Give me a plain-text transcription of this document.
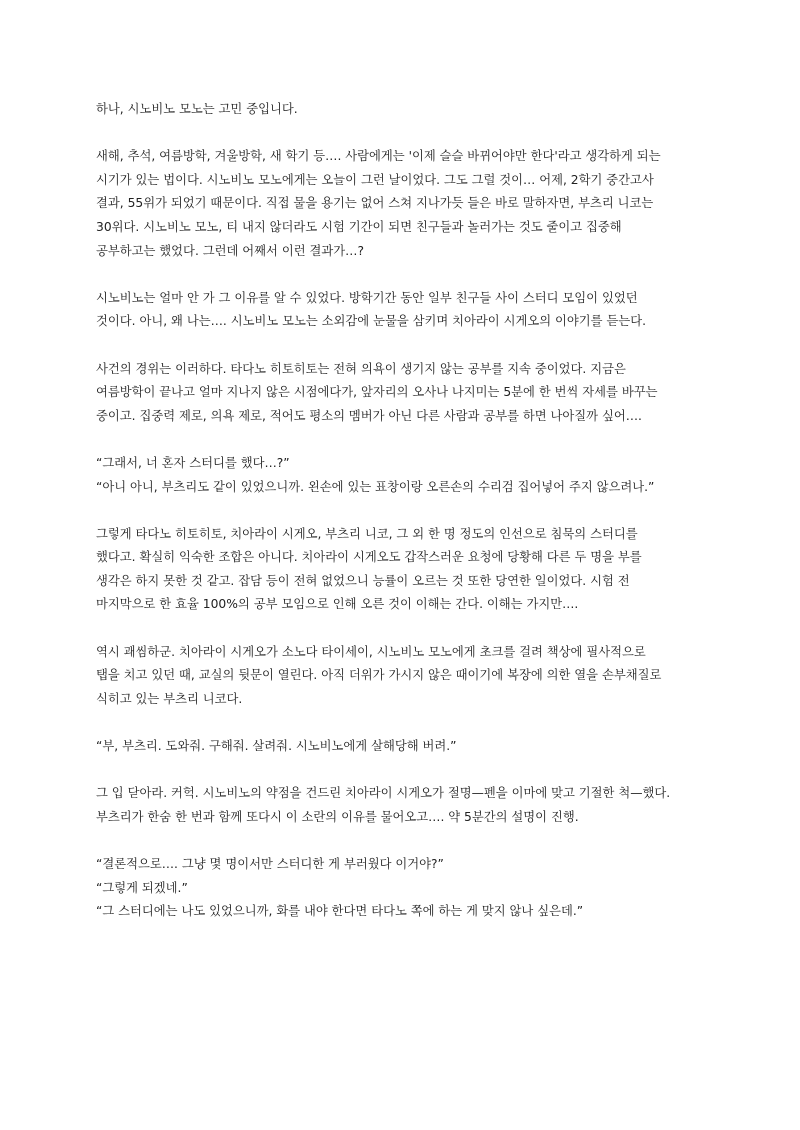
하나, 시노비노 모노는 고민 중입니다.
새해, 추석, 여름방학, 겨울방학, 새 학기 등…. 사람에게는 '이제 슬슬 바뀌어야만 한다'라고 생각하게 되는
시기가 있는 법이다. 시노비노 모노에게는 오늘이 그런 날이었다. 그도 그럴 것이… 어제, 2학기 중간고사
결과, 55위가 되었기 때문이다. 직접 물을 용기는 없어 스쳐 지나가듯 들은 바로 말하자면, 부츠리 니코는
30위다. 시노비노 모노, 티 내지 않더라도 시험 기간이 되면 친구들과 놀러가는 것도 줄이고 집중해
공부하고는 했었다. 그런데 어째서 이런 결과가…?
시노비노는 얼마 안 가 그 이유를 알 수 있었다. 방학기간 동안 일부 친구들 사이 스터디 모임이 있었던
것이다. 아니, 왜 나는…. 시노비노 모노는 소외감에 눈물을 삼키며 치아라이 시게오의 이야기를 듣는다.
사건의 경위는 이러하다. 타다노 히토히토는 전혀 의욕이 생기지 않는 공부를 지속 중이었다. 지금은
여름방학이 끝나고 얼마 지나지 않은 시점에다가, 앞자리의 오사나 나지미는 5분에 한 번씩 자세를 바꾸는
중이고. 집중력 제로, 의욕 제로, 적어도 평소의 멤버가 아닌 다른 사람과 공부를 하면 나아질까 싶어….
“그래서, 너 혼자 스터디를 했다…?”
“아니 아니, 부츠리도 같이 있었으니까. 왼손에 있는 표창이랑 오른손의 수리검 집어넣어 주지 않으려나.”
그렇게 타다노 히토히토, 치아라이 시게오, 부츠리 니코, 그 외 한 명 정도의 인선으로 침묵의 스터디를
했다고. 확실히 익숙한 조합은 아니다. 치아라이 시게오도 갑작스러운 요청에 당황해 다른 두 명을 부를
생각은 하지 못한 것 같고. 잡담 등이 전혀 없었으니 능률이 오르는 것 또한 당연한 일이었다. 시험 전
마지막으로 한 효율 100%의 공부 모임으로 인해 오른 것이 이해는 간다. 이해는 가지만….
역시 괘씸하군. 치아라이 시게오가 소노다 타이세이, 시노비노 모노에게 초크를 걸려 책상에 필사적으로
탭을 치고 있던 때, 교실의 뒷문이 열린다. 아직 더위가 가시지 않은 때이기에 복장에 의한 열을 손부채질로
식히고 있는 부츠리 니코다.
“부, 부츠리. 도와줘. 구해줘. 살려줘. 시노비노에게 살해당해 버려.”
그 입 닫아라. 커헉. 시노비노의 약점을 건드린 치아라이 시게오가 절명—펜을 이마에 맞고 기절한 척—했다.
부츠리가 한숨 한 번과 함께 또다시 이 소란의 이유를 물어오고…. 약 5분간의 설명이 진행.
“결론적으로…. 그냥 몇 명이서만 스터디한 게 부러웠다 이거야?”
“그렇게 되겠네.”
“그 스터디에는 나도 있었으니까, 화를 내야 한다면 타다노 쪽에 하는 게 맞지 않나 싶은데.”
